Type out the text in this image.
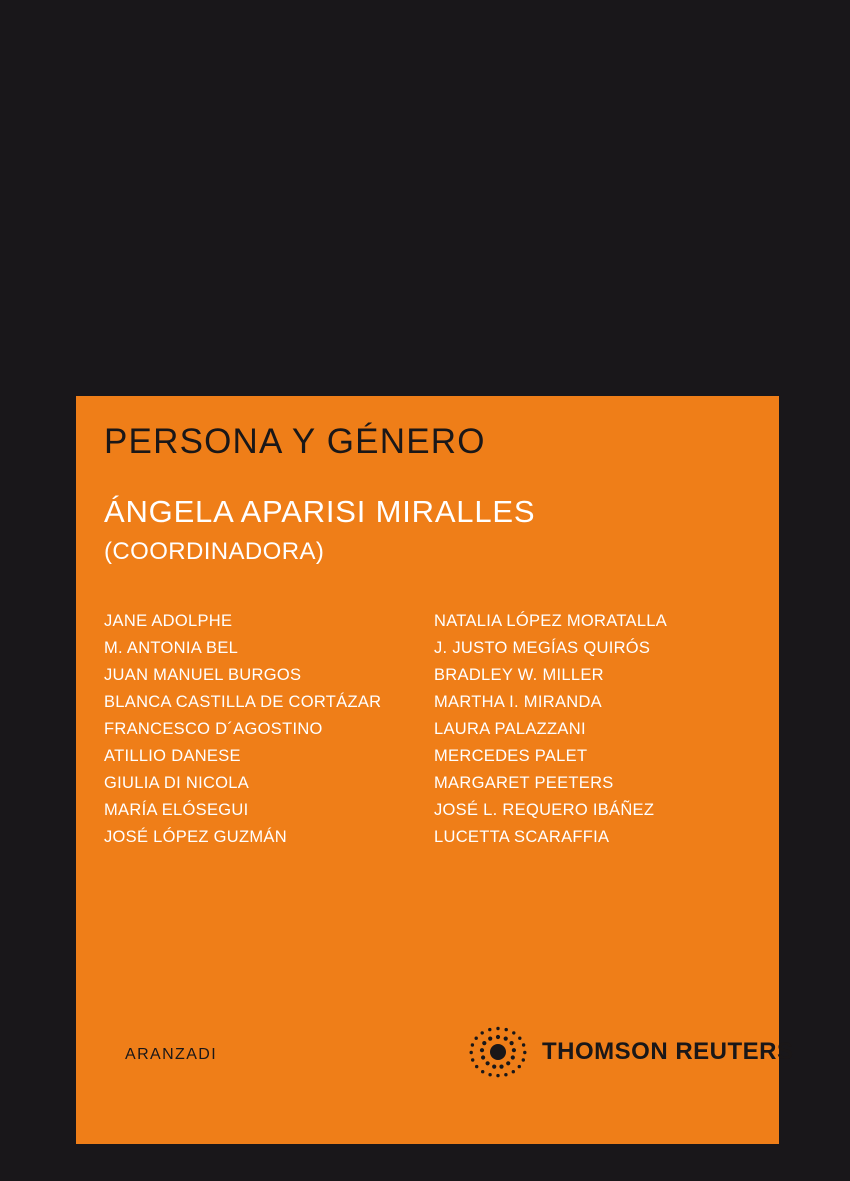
PERSONA Y GÉNERO
ÁNGELA APARISI MIRALLES
(COORDINADORA)
JANE ADOLPHE
M. ANTONIA BEL
JUAN MANUEL BURGOS
BLANCA CASTILLA DE CORTÁZAR
FRANCESCO D´AGOSTINO
ATILLIO DANESE
GIULIA DI NICOLA
MARÍA ELÓSEGUI
JOSÉ LÓPEZ GUZMÁN
NATALIA LÓPEZ MORATALLA
J. JUSTO MEGÍAS QUIRÓS
BRADLEY W. MILLER
MARTHA I. MIRANDA
LAURA PALAZZANI
MERCEDES PALET
MARGARET PEETERS
JOSÉ L. REQUERO IBÁÑEZ
LUCETTA SCARAFFIA
ARANZADI	THOMSON REUTERS
